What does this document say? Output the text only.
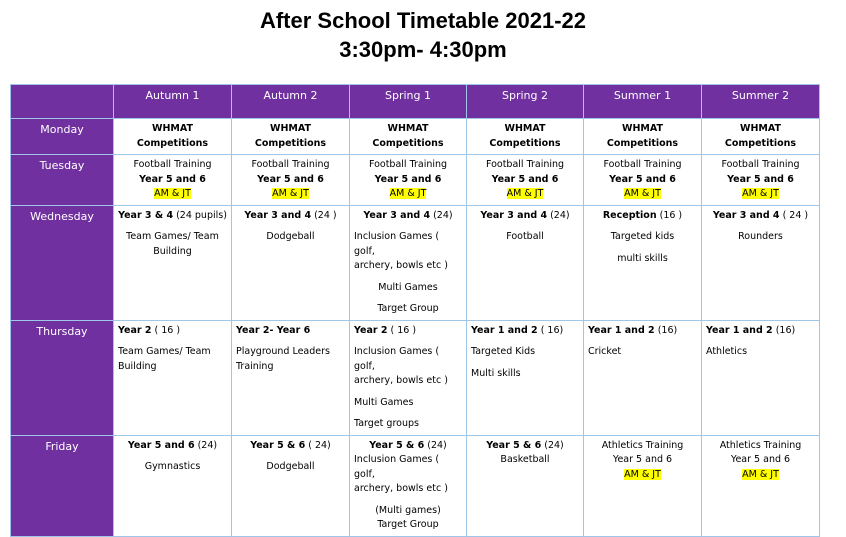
After School Timetable 2021-22
3:30pm- 4:30pm
	Autumn 1	Autumn 2	Spring 1	Spring 2	Summer 1	Summer 2
Monday	WHMAT Competitions	WHMAT Competitions	WHMAT Competitions	WHMAT Competitions	WHMAT Competitions	WHMAT Competitions
Tuesday	Football Training
Year 5 and 6
AM & JT	Football Training
Year 5 and 6
AM & JT	Football Training
Year 5 and 6
AM & JT	Football Training
Year 5 and 6
AM & JT	Football Training
Year 5 and 6
AM & JT	Football Training
Year 5 and 6
AM & JT

Wednesday	Year 3 & 4 (24 pupils)
Team Games/ Team
Building	Year 3 and 4 (24 )
Dodgeball	Year 3 and 4 (24)
Inclusion Games ( golf,
archery, bowls etc )
Multi Games
Target Group	Year 3 and 4 (24)
Football	Reception (16 )
Targeted kids
multi skills	Year 3 and 4 ( 24 )
Rounders

Thursday	Year 2 ( 16 )
Team Games/ Team
Building	Year 2- Year 6
Playground Leaders
Training	Year 2 ( 16 )
Inclusion Games ( golf,
archery, bowls etc )
Multi Games
Target groups	Year 1 and 2 ( 16)
Targeted Kids
Multi skills	Year 1 and 2 (16)
Cricket	Year 1 and 2 (16)
Athletics

Friday	Year 5 and 6 (24)
Gymnastics	Year 5 & 6 ( 24)
Dodgeball	Year 5 & 6 (24)
Inclusion Games ( golf,
archery, bowls etc )
(Multi games)
Target Group	Year 5 & 6 (24)
Basketball	Athletics Training
Year 5 and 6
AM & JT	Athletics Training
Year 5 and 6
AM & JT
